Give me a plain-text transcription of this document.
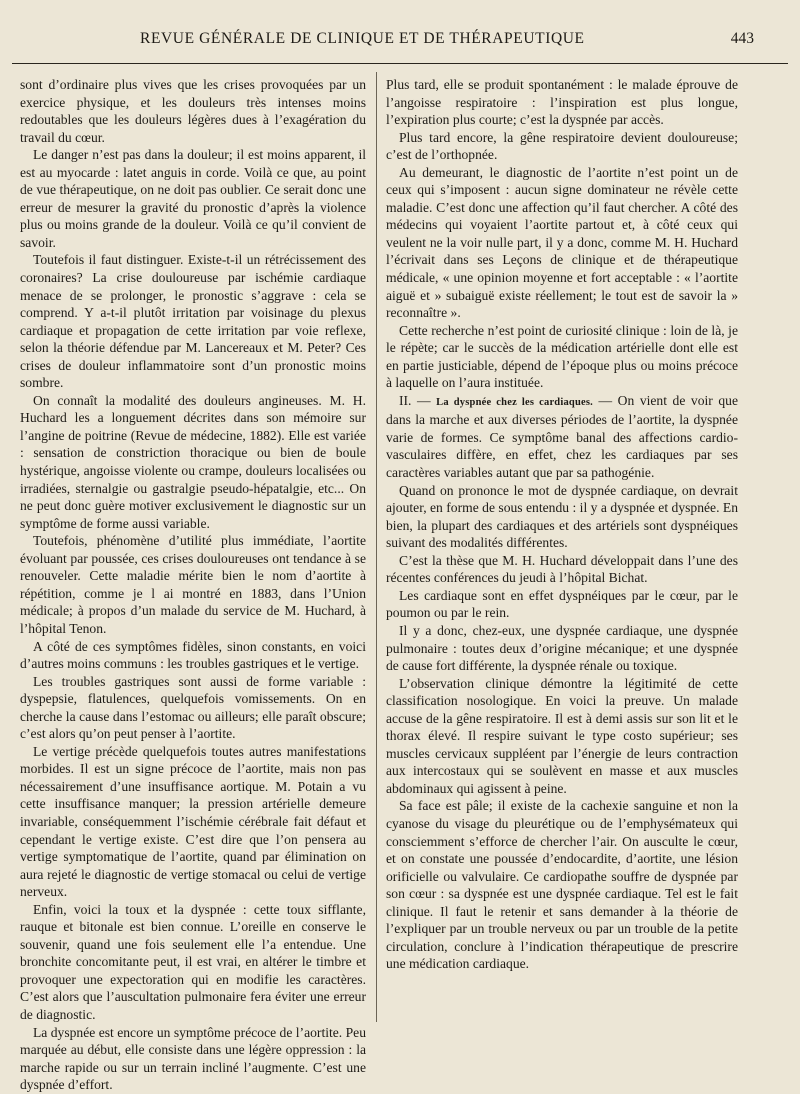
REVUE GÉNÉRALE DE CLINIQUE ET DE THÉRAPEUTIQUE	443

sont d’ordinaire plus vives que les crises provoquées par un exercice physique, et les douleurs très intenses moins redoutables que les douleurs légères dues à l’exagération du travail du cœur.

Le danger n’est pas dans la douleur; il est moins apparent, il est au myocarde : latet anguis in corde. Voilà ce que, au point de vue thérapeutique, on ne doit pas oublier. Ce serait donc une erreur de mesurer la gravité du pronostic d’après la violence plus ou moins grande de la douleur. Voilà ce qu’il convient de savoir.

Toutefois il faut distinguer. Existe-t-il un rétrécissement des coronaires? La crise douloureuse par ischémie cardiaque menace de se prolonger, le pronostic s’aggrave : cela se comprend. Y a-t-il plutôt irritation par voisinage du plexus cardiaque et propagation de cette irritation par voie reflexe, selon la théorie défendue par M. Lancereaux et M. Peter? Ces crises de douleur inflammatoire sont d’un pronostic moins sombre.

On connaît la modalité des douleurs angineuses. M. H. Huchard les a longuement décrites dans son mémoire sur l’angine de poitrine (Revue de médecine, 1882). Elle est variée : sensation de constriction thoracique ou bien de boule hystérique, angoisse violente ou crampe, douleurs localisées ou irradiées, sternalgie ou gastralgie pseudo-hépatalgie, etc... On ne peut donc guère motiver exclusivement le diagnostic sur un symptôme de forme aussi variable.

Toutefois, phénomène d’utilité plus immédiate, l’aortite évoluant par poussée, ces crises douloureuses ont tendance à se renouveler. Cette maladie mérite bien le nom d’aortite à répétition, comme je l ai montré en 1883, dans l’Union médicale; à propos d’un malade du service de M. Huchard, à l’hôpital Tenon.

A côté de ces symptômes fidèles, sinon constants, en voici d’autres moins communs : les troubles gastriques et le vertige.

Les troubles gastriques sont aussi de forme variable : dyspepsie, flatulences, quelquefois vomissements. On en cherche la cause dans l’estomac ou ailleurs; elle paraît obscure; c’est alors qu’on peut penser à l’aortite.

Le vertige précède quelquefois toutes autres manifestations morbides. Il est un signe précoce de l’aortite, mais non pas nécessairement d’une insuffisance aortique. M. Potain a vu cette insuffisance manquer; la pression artérielle demeure invariable, conséquemment l’ischémie cérébrale fait défaut et cependant le vertige existe. C’est dire que l’on pensera au vertige symptomatique de l’aortite, quand par élimination on aura rejeté le diagnostic de vertige stomacal ou celui de vertige nerveux.

Enfin, voici la toux et la dyspnée : cette toux sifflante, rauque et bitonale est bien connue. L’oreille en conserve le souvenir, quand une fois seulement elle l’a entendue. Une bronchite concomitante peut, il est vrai, en altérer le timbre et provoquer une expectoration qui en modifie les caractères. C’est alors que l’auscultation pulmonaire fera éviter une erreur de diagnostic.

La dyspnée est encore un symptôme précoce de l’aortite. Peu marquée au début, elle consiste dans une légère oppression : la marche rapide ou sur un terrain incliné l’augmente. C’est une dyspnée d’effort.

Plus tard, elle se produit spontanément : le malade éprouve de l’angoisse respiratoire : l’inspiration est plus longue, l’expiration plus courte; c’est la dyspnée par accès.

Plus tard encore, la gêne respiratoire devient douloureuse; c’est de l’orthopnée.

Au demeurant, le diagnostic de l’aortite n’est point un de ceux qui s’imposent : aucun signe dominateur ne révèle cette maladie. C’est donc une affection qu’il faut chercher. A côté des médecins qui voyaient l’aortite partout et, à côté ceux qui veulent ne la voir nulle part, il y a donc, comme M. H. Huchard l’écrivait dans ses Leçons de clinique et de thérapeutique médicale, « une opinion moyenne et fort acceptable : « l’aortite aiguë et » subaiguë existe réellement; le tout est de savoir la » reconnaître ».

Cette recherche n’est point de curiosité clinique : loin de là, je le répète; car le succès de la médication artérielle dont elle est en partie justiciable, dépend de l’époque plus ou moins précoce à laquelle on l’aura instituée.

II. — La dyspnée chez les cardiaques. — On vient de voir que dans la marche et aux diverses périodes de l’aortite, la dyspnée varie de formes. Ce symptôme banal des affections cardio-vasculaires diffère, en effet, chez les cardiaques par ses caractères variables autant que par sa pathogénie.

Quand on prononce le mot de dyspnée cardiaque, on devrait ajouter, en forme de sous entendu : il y a dyspnée et dyspnée. En bien, la plupart des cardiaques et des artériels sont dyspnéiques suivant des modalités différentes.

C’est la thèse que M. H. Huchard développait dans l’une des récentes conférences du jeudi à l’hôpital Bichat.

Les cardiaque sont en effet dyspnéiques par le cœur, par le poumon ou par le rein.

Il y a donc, chez-eux, une dyspnée cardiaque, une dyspnée pulmonaire : toutes deux d’origine mécanique; et une dyspnée de cause fort différente, la dyspnée rénale ou toxique.

L’observation clinique démontre la légitimité de cette classification nosologique. En voici la preuve. Un malade accuse de la gêne respiratoire. Il est à demi assis sur son lit et le thorax élevé. Il respire suivant le type costo supérieur; ses muscles cervicaux suppléent par l’énergie de leurs contraction aux intercostaux qui se soulèvent en masse et aux muscles abdominaux qui agissent à peine.

Sa face est pâle; il existe de la cachexie sanguine et non la cyanose du visage du pleurétique ou de l’emphysémateux qui consciemment s’efforce de chercher l’air. On ausculte le cœur, et on constate une poussée d’endocardite, d’aortite, une lésion orificielle ou valvulaire. Ce cardiopathe souffre de dyspnée par son cœur : sa dyspnée est une dyspnée cardiaque. Tel est le fait clinique. Il faut le retenir et sans demander à la théorie de l’expliquer par un trouble nerveux ou par un trouble de la petite circulation, conclure à l’indication thérapeutique de prescrire une médication cardiaque.
